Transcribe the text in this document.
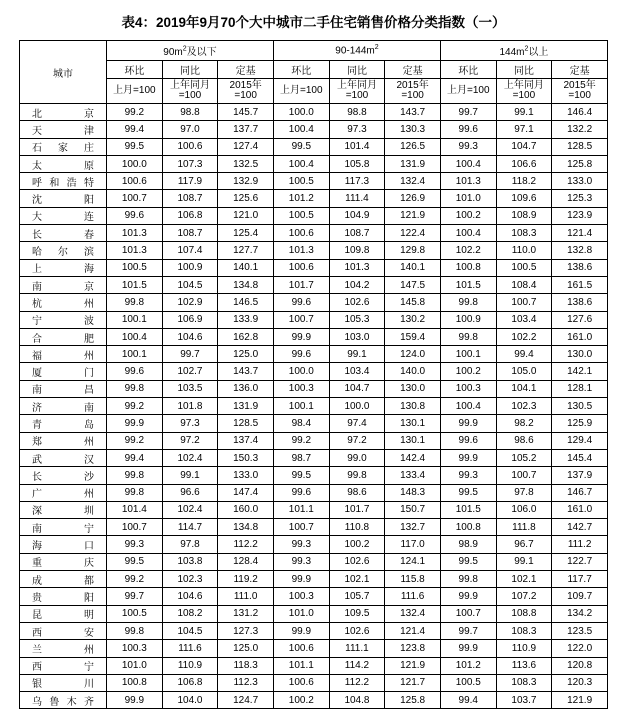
表4：2019年9月70个大中城市二手住宅销售价格分类指数（一）
城市	$90m^2$及以下			$90-144m^2$			$144m^2$以上		
	环比	同比	定基	环比	同比	定基	环比	同比	定基
	上月=100	上年同月=100	2015年=100	上月=100	上年同月=100	2015年=100	上月=100	上年同月=100	2015年=100

北京	99.2	98.8	145.7	100.0	98.8	143.7	99.7	99.1	146.4

天津	99.4	97.0	137.7	100.4	97.3	130.3	99.6	97.1	132.2

石家庄	99.5	100.6	127.4	99.5	101.4	126.5	99.3	104.7	128.5

太原	100.0	107.3	132.5	100.4	105.8	131.9	100.4	106.6	125.8

呼和浩特	100.6	117.9	132.9	100.5	117.3	132.4	101.3	118.2	133.0

沈阳	100.7	108.7	125.6	101.2	111.4	126.9	101.0	109.6	125.3

大连	99.6	106.8	121.0	100.5	104.9	121.9	100.2	108.9	123.9

长春	101.3	108.7	125.4	100.6	108.7	122.4	100.4	108.3	121.4

哈尔滨	101.3	107.4	127.7	101.3	109.8	129.8	102.2	110.0	132.8

上海	100.5	100.9	140.1	100.6	101.3	140.1	100.8	100.5	138.6

南京	101.5	104.5	134.8	101.7	104.2	147.5	101.5	108.4	161.5

杭州	99.8	102.9	146.5	99.6	102.6	145.8	99.8	100.7	138.6

宁波	100.1	106.9	133.9	100.7	105.3	130.2	100.9	103.4	127.6

合肥	100.4	104.6	162.8	99.9	103.0	159.4	99.8	102.2	161.0

福州	100.1	99.7	125.0	99.6	99.1	124.0	100.1	99.4	130.0

厦门	99.6	102.7	143.7	100.0	103.4	140.0	100.2	105.0	142.1

南昌	99.8	103.5	136.0	100.3	104.7	130.0	100.3	104.1	128.1

济南	99.2	101.8	131.9	100.1	100.0	130.8	100.4	102.3	130.5

青岛	99.9	97.3	128.5	98.4	97.4	130.1	99.9	98.2	125.9

郑州	99.2	97.2	137.4	99.2	97.2	130.1	99.6	98.6	129.4

武汉	99.4	102.4	150.3	98.7	99.0	142.4	99.9	105.2	145.4

长沙	99.8	99.1	133.0	99.5	99.8	133.4	99.3	100.7	137.9

广州	99.8	96.6	147.4	99.6	98.6	148.3	99.5	97.8	146.7

深圳	101.4	102.4	160.0	101.1	101.7	150.7	101.5	106.0	161.0

南宁	100.7	114.7	134.8	100.7	110.8	132.7	100.8	111.8	142.7

海口	99.3	97.8	112.2	99.3	100.2	117.0	98.9	96.7	111.2

重庆	99.5	103.8	128.4	99.3	102.6	124.1	99.5	99.1	122.7

成都	99.2	102.3	119.2	99.9	102.1	115.8	99.8	102.1	117.7

贵阳	99.7	104.6	111.0	100.3	105.7	111.6	99.9	107.2	109.7

昆明	100.5	108.2	131.2	101.0	109.5	132.4	100.7	108.8	134.2

西安	99.8	104.5	127.3	99.9	102.6	121.4	99.7	108.3	123.5

兰州	100.3	111.6	125.0	100.6	111.1	123.8	99.9	110.9	122.0

西宁	101.0	110.9	118.3	101.1	114.2	121.9	101.2	113.6	120.8

银川	100.8	106.8	112.3	100.6	112.2	121.7	100.5	108.3	120.3

乌鲁木齐	99.9	104.0	124.7	100.2	104.8	125.8	99.4	103.7	121.9
